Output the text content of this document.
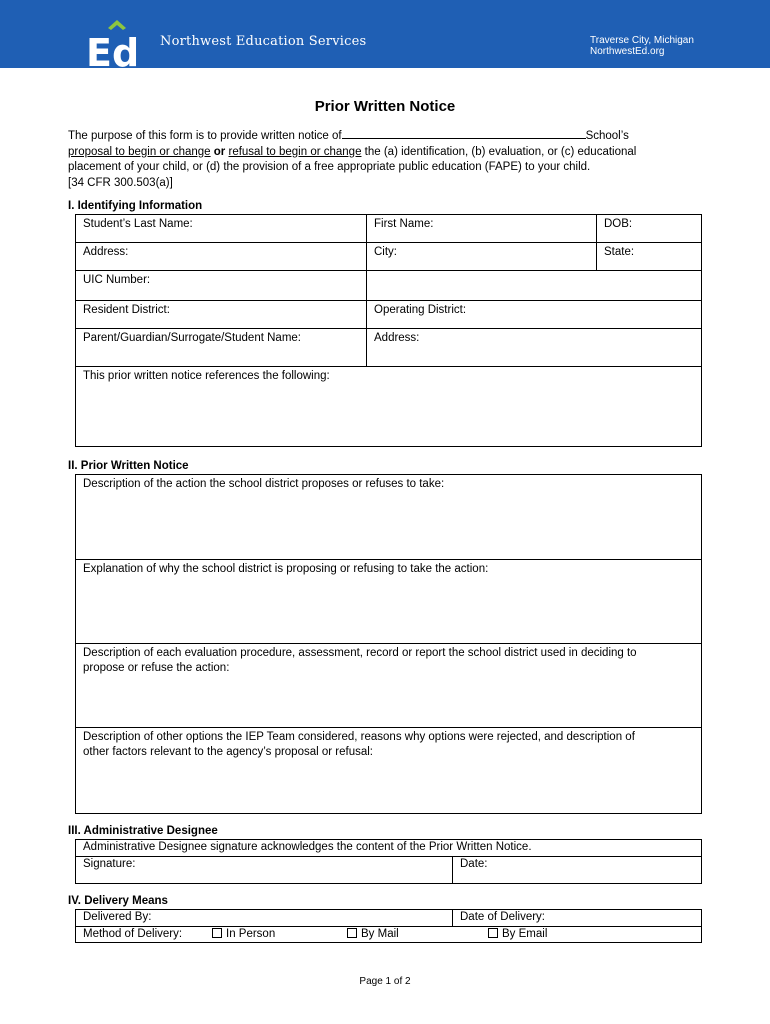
Ed Northwest Education Services	Traverse City, Michigan
NorthwestEd.org
Prior Written Notice
The purpose of this form is to provide written notice of	School’s
proposal to begin or change or refusal to begin or change the (a) identification, (b) evaluation, or (c) educational
placement of your child, or (d) the provision of a free appropriate public education (FAPE) to your child.
[34 CFR 300.503(a)]
I. Identifying Information
Student’s Last Name:	First Name:	DOB:
Address:	City:	State:
UIC Number:
Resident District:	Operating District:
Parent/Guardian/Surrogate/Student Name:	Address:
This prior written notice references the following:
II. Prior Written Notice
Description of the action the school district proposes or refuses to take:
Explanation of why the school district is proposing or refusing to take the action:
Description of each evaluation procedure, assessment, record or report the school district used in deciding to
propose or refuse the action:
Description of other options the IEP Team considered, reasons why options were rejected, and description of
other factors relevant to the agency’s proposal or refusal:
III. Administrative Designee
Administrative Designee signature acknowledges the content of the Prior Written Notice.
Signature:	Date:
IV. Delivery Means
Delivered By:	Date of Delivery:
Method of Delivery:	In Person	By Mail	By Email
Page 1 of 2
